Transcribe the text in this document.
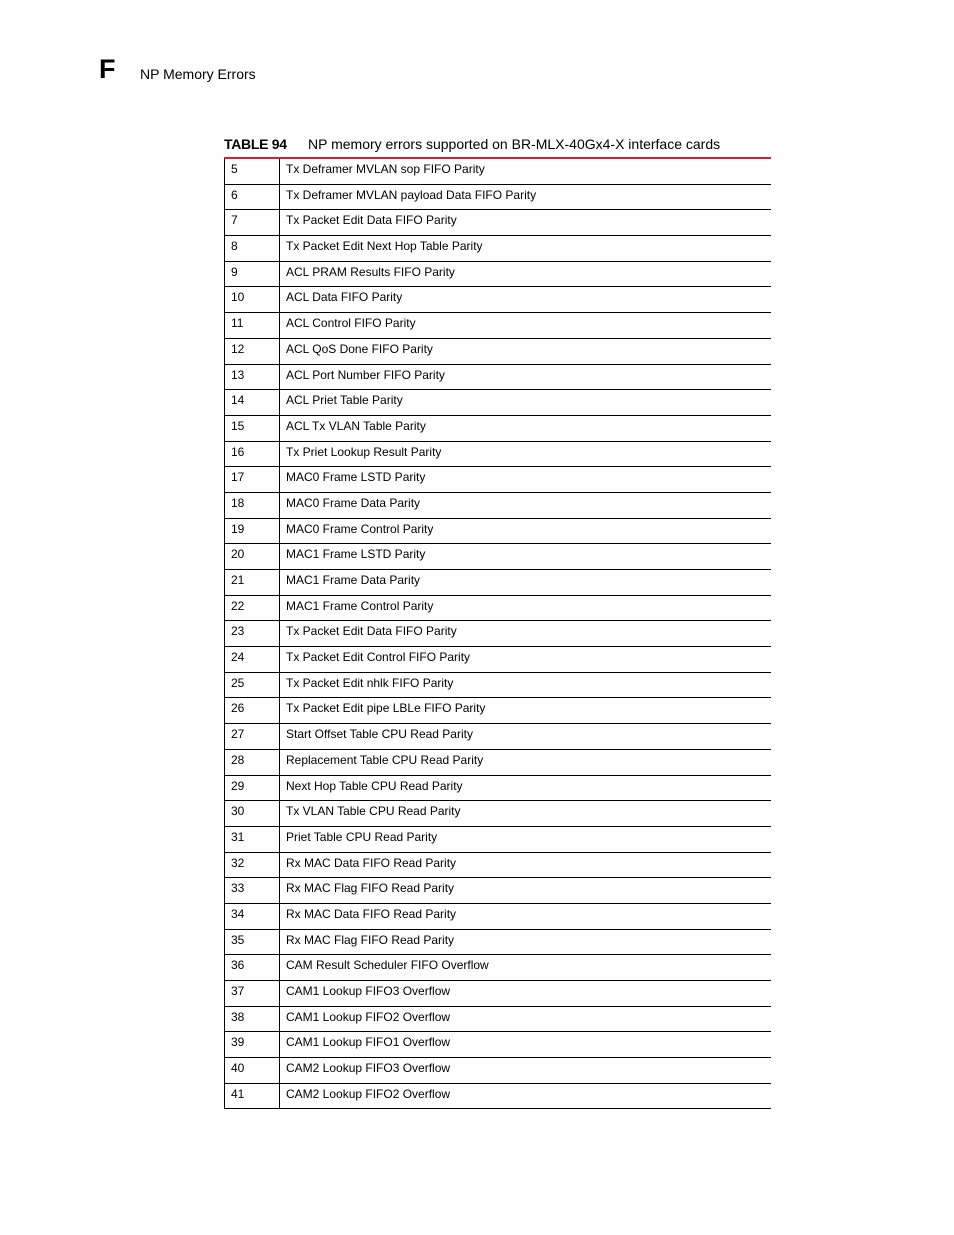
F NP Memory Errors
TABLE 94 NP memory errors supported on BR-MLX-40Gx4-X interface cards
5	Tx Deframer MVLAN sop FIFO Parity
6	Tx Deframer MVLAN payload Data FIFO Parity
7	Tx Packet Edit Data FIFO Parity
8	Tx Packet Edit Next Hop Table Parity
9	ACL PRAM Results FIFO Parity
10	ACL Data FIFO Parity
11	ACL Control FIFO Parity
12	ACL QoS Done FIFO Parity
13	ACL Port Number FIFO Parity
14	ACL Priet Table Parity
15	ACL Tx VLAN Table Parity
16	Tx Priet Lookup Result Parity
17	MAC0 Frame LSTD Parity
18	MAC0 Frame Data Parity
19	MAC0 Frame Control Parity
20	MAC1 Frame LSTD Parity
21	MAC1 Frame Data Parity
22	MAC1 Frame Control Parity
23	Tx Packet Edit Data FIFO Parity
24	Tx Packet Edit Control FIFO Parity
25	Tx Packet Edit nhlk FIFO Parity
26	Tx Packet Edit pipe LBLe FIFO Parity
27	Start Offset Table CPU Read Parity
28	Replacement Table CPU Read Parity
29	Next Hop Table CPU Read Parity
30	Tx VLAN Table CPU Read Parity
31	Priet Table CPU Read Parity
32	Rx MAC Data FIFO Read Parity
33	Rx MAC Flag FIFO Read Parity
34	Rx MAC Data FIFO Read Parity
35	Rx MAC Flag FIFO Read Parity
36	CAM Result Scheduler FIFO Overflow
37	CAM1 Lookup FIFO3 Overflow
38	CAM1 Lookup FIFO2 Overflow
39	CAM1 Lookup FIFO1 Overflow
40	CAM2 Lookup FIFO3 Overflow
41	CAM2 Lookup FIFO2 Overflow
